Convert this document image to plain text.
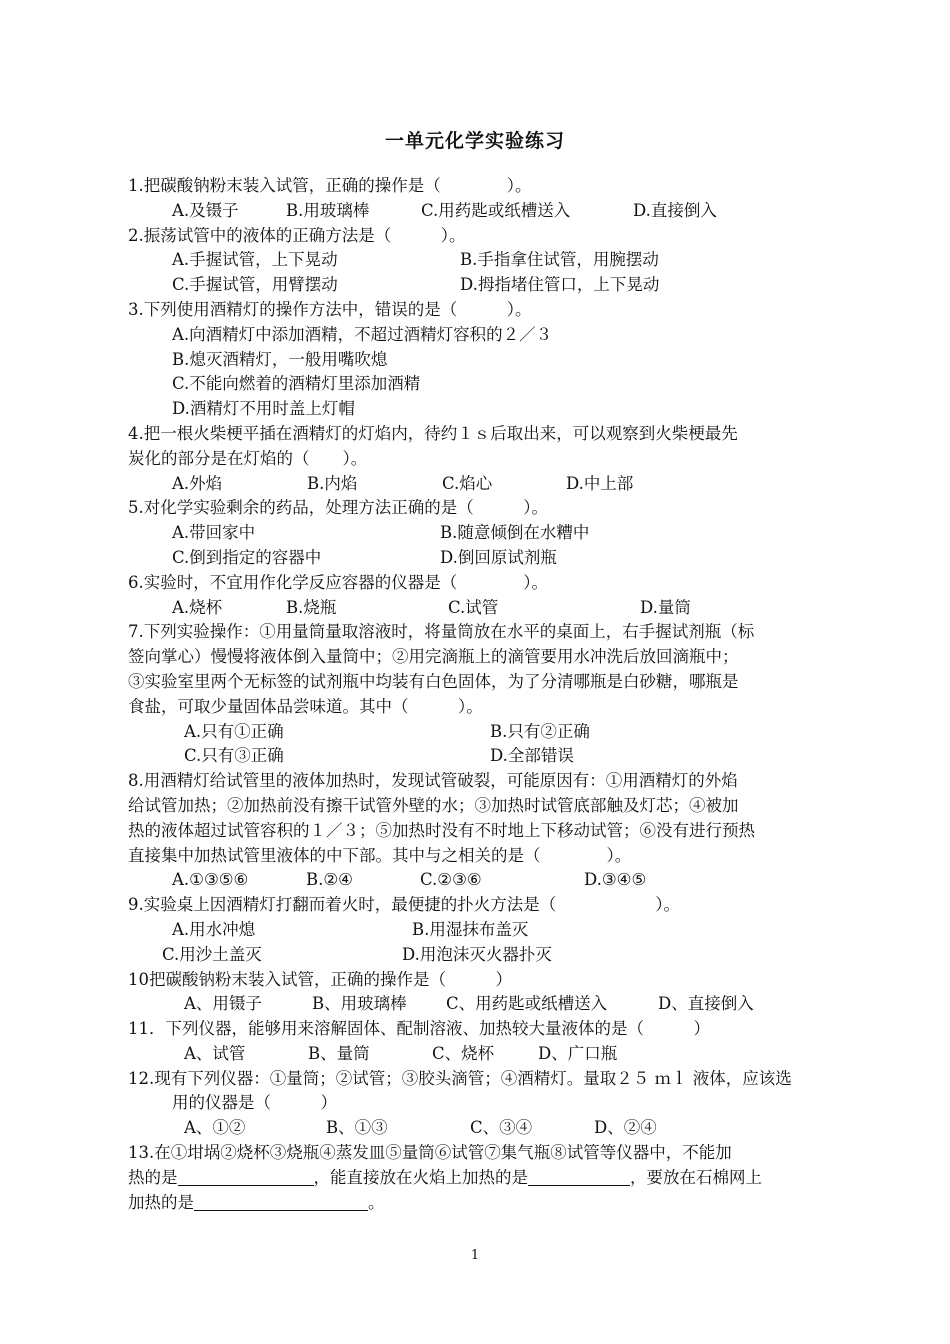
一单元化学实验练习
1.把碳酸钠粉末装入试管，正确的操作是（　　　　）。
A.及镊子	B.用玻璃棒	C.用药匙或纸槽送入	D.直接倒入
2.振荡试管中的液体的正确方法是（　　　）。
A.手握试管，上下晃动	B.手指拿住试管，用腕摆动
C.手握试管，用臂摆动	D.拇指堵住管口，上下晃动
3.下列使用酒精灯的操作方法中，错误的是（　　　）。
A.向酒精灯中添加酒精，不超过酒精灯容积的２／３
B.熄灭酒精灯，一般用嘴吹熄
C.不能向燃着的酒精灯里添加酒精
D.酒精灯不用时盖上灯帽
4.把一根火柴梗平插在酒精灯的灯焰内，待约１ｓ后取出来，可以观察到火柴梗最先
炭化的部分是在灯焰的（　　）。
A.外焰	B.内焰	C.焰心	D.中上部
5.对化学实验剩余的药品，处理方法正确的是（　　　）。
A.带回家中	B.随意倾倒在水糟中
C.倒到指定的容器中	D.倒回原试剂瓶
6.实验时，不宜用作化学反应容器的仪器是（　　　　）。
A.烧杯	B.烧瓶	C.试管	D.量筒
7.下列实验操作：①用量筒量取溶液时，将量筒放在水平的桌面上，右手握试剂瓶（标
签向掌心）慢慢将液体倒入量筒中；②用完滴瓶上的滴管要用水冲洗后放回滴瓶中；
③实验室里两个无标签的试剂瓶中均装有白色固体，为了分清哪瓶是白砂糖，哪瓶是
食盐，可取少量固体品尝味道。其中（　　　）。
A.只有①正确	B.只有②正确
C.只有③正确	D.全部错误
8.用酒精灯给试管里的液体加热时，发现试管破裂，可能原因有：①用酒精灯的外焰
给试管加热；②加热前没有擦干试管外壁的水；③加热时试管底部触及灯芯；④被加
热的液体超过试管容积的１／３；⑤加热时没有不时地上下移动试管；⑥没有进行预热
直接集中加热试管里液体的中下部。其中与之相关的是（　　　　）。
A.①③⑤⑥	B.②④	C.②③⑥	D.③④⑤
9.实验桌上因酒精灯打翻而着火时，最便捷的扑火方法是（　　　　　　）。
A.用水冲熄	B.用湿抹布盖灭
C.用沙土盖灭	D.用泡沫灭火器扑灭
10把碳酸钠粉末装入试管，正确的操作是（　　　）
A、用镊子	B、用玻璃棒	C、用药匙或纸槽送入	D、直接倒入
11．下列仪器，能够用来溶解固体、配制溶液、加热较大量液体的是（　　　）
A、试管	B、量筒	C、烧杯	D、广口瓶
12.现有下列仪器：①量筒；②试管；③胶头滴管；④酒精灯。量取２５ ｍｌ 液体，应该选
用的仪器是（　　　）
A、①②	B、①③	C、③④	D、②④
13.在①坩埚②烧杯③烧瓶④蒸发皿⑤量筒⑥试管⑦集气瓶⑧试管等仪器中，不能加
热的是	，能直接放在火焰上加热的是	，要放在石棉网上
加热的是	。
1
